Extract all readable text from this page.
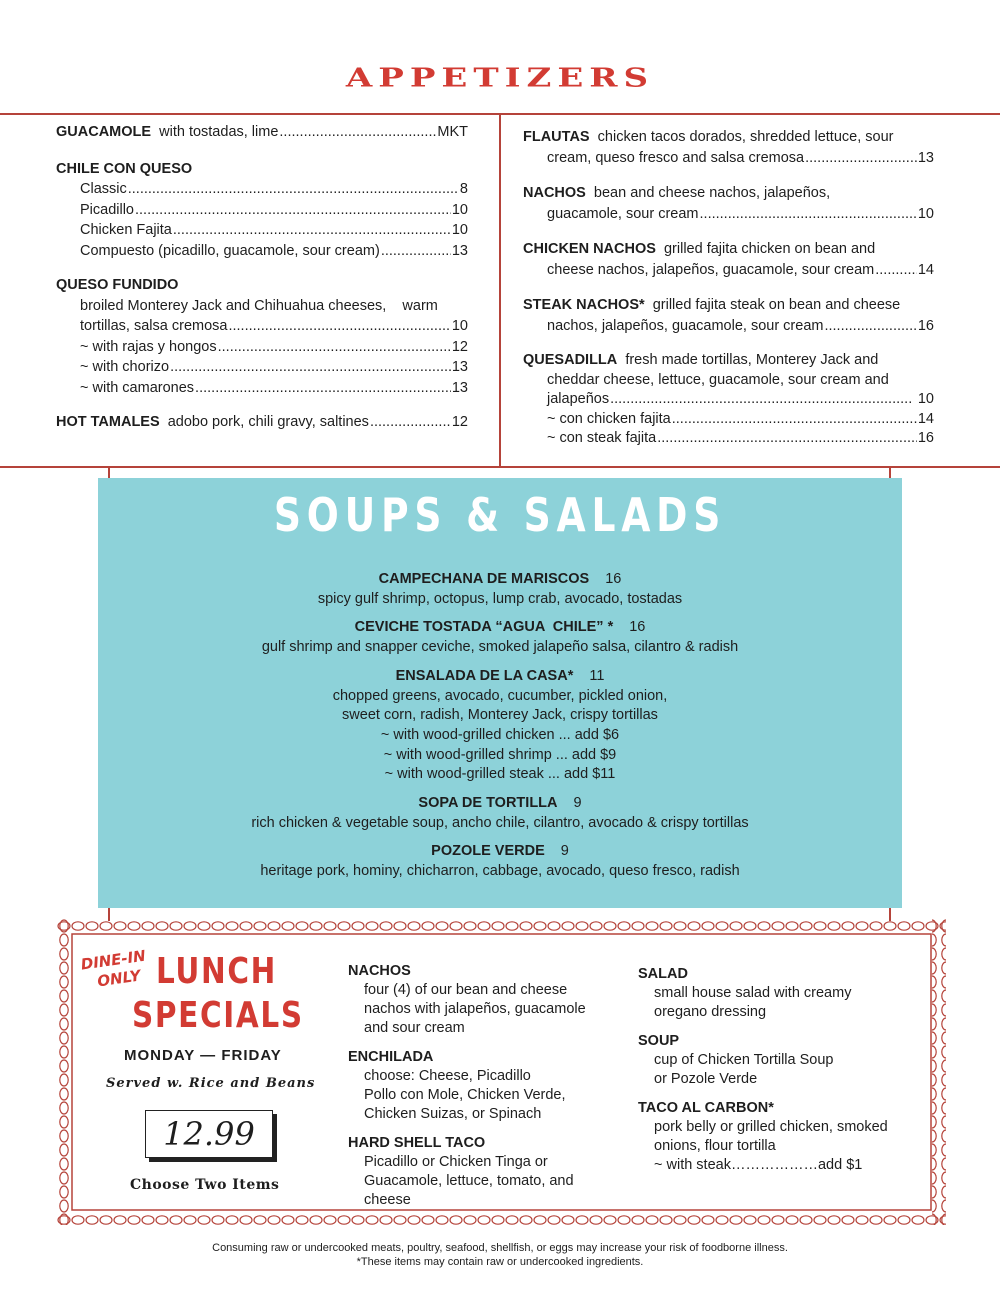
APPETIZERS
GUACAMOLE with tostadas, lime .....	MKT
CHILE CON QUESO
Classic .....	8
Picadillo .....	10
Chicken Fajita .....	10
Compuesto (picadillo, guacamole, sour cream) .....	13
QUESO FUNDIDO
broiled Monterey Jack and Chihuahua cheeses,    warm
tortillas, salsa cremosa .....	10
~ with rajas y hongos .....	12
~ with chorizo .....	13
~ with camarones .....	13
HOT TAMALES adobo pork, chili gravy, saltines .....	12
FLAUTAS chicken tacos dorados, shredded lettuce, sour
cream, queso fresco and salsa cremosa .....	13
NACHOS bean and cheese nachos, jalapeños,
guacamole, sour cream .....	10
CHICKEN NACHOS grilled fajita chicken on bean and
cheese nachos, jalapeños, guacamole, sour cream .....	14
STEAK NACHOS* grilled fajita steak on bean and cheese
nachos, jalapeños, guacamole, sour cream .....	16
QUESADILLA fresh made tortillas, Monterey Jack and
cheddar cheese, lettuce, guacamole, sour cream and
jalapeños .....	10
~ con chicken fajita .....	14
~ con steak fajita .....	16
SOUPS & SALADS
CAMPECHANA DE MARISCOS 16
spicy gulf shrimp, octopus, lump crab, avocado, tostadas
CEVICHE TOSTADA “AGUA  CHILE” * 16
gulf shrimp and snapper ceviche, smoked jalapeño salsa, cilantro & radish
ENSALADA DE LA CASA* 11
chopped greens, avocado, cucumber, pickled onion,
sweet corn, radish, Monterey Jack, crispy tortillas
~ with wood-grilled chicken ... add $6
~ with wood-grilled shrimp ... add $9
~ with wood-grilled steak ... add $11
SOPA DE TORTILLA 9
rich chicken & vegetable soup, ancho chile, cilantro, avocado & crispy tortillas
POZOLE VERDE 9
heritage pork, hominy, chicharron, cabbage, avocado, queso fresco, radish
DINE-IN
ONLY LUNCH
SPECIALS
MONDAY — FRIDAY
Served w. Rice and Beans
12.99
Choose Two Items
NACHOS
four (4) of our bean and cheese
nachos with jalapeños, guacamole
and sour cream
ENCHILADA
choose: Cheese, Picadillo
Pollo con Mole, Chicken Verde,
Chicken Suizas, or Spinach
HARD SHELL TACO
Picadillo or Chicken Tinga or
Guacamole, lettuce, tomato, and
cheese
SALAD
small house salad with creamy
oregano dressing
SOUP
cup of Chicken Tortilla Soup
or Pozole Verde
TACO AL CARBON*
pork belly or grilled chicken, smoked
onions, flour tortilla
~ with steak………………add $1
Consuming raw or undercooked meats, poultry, seafood, shellfish, or eggs may increase your risk of foodborne illness.
*These items may contain raw or undercooked ingredients.
